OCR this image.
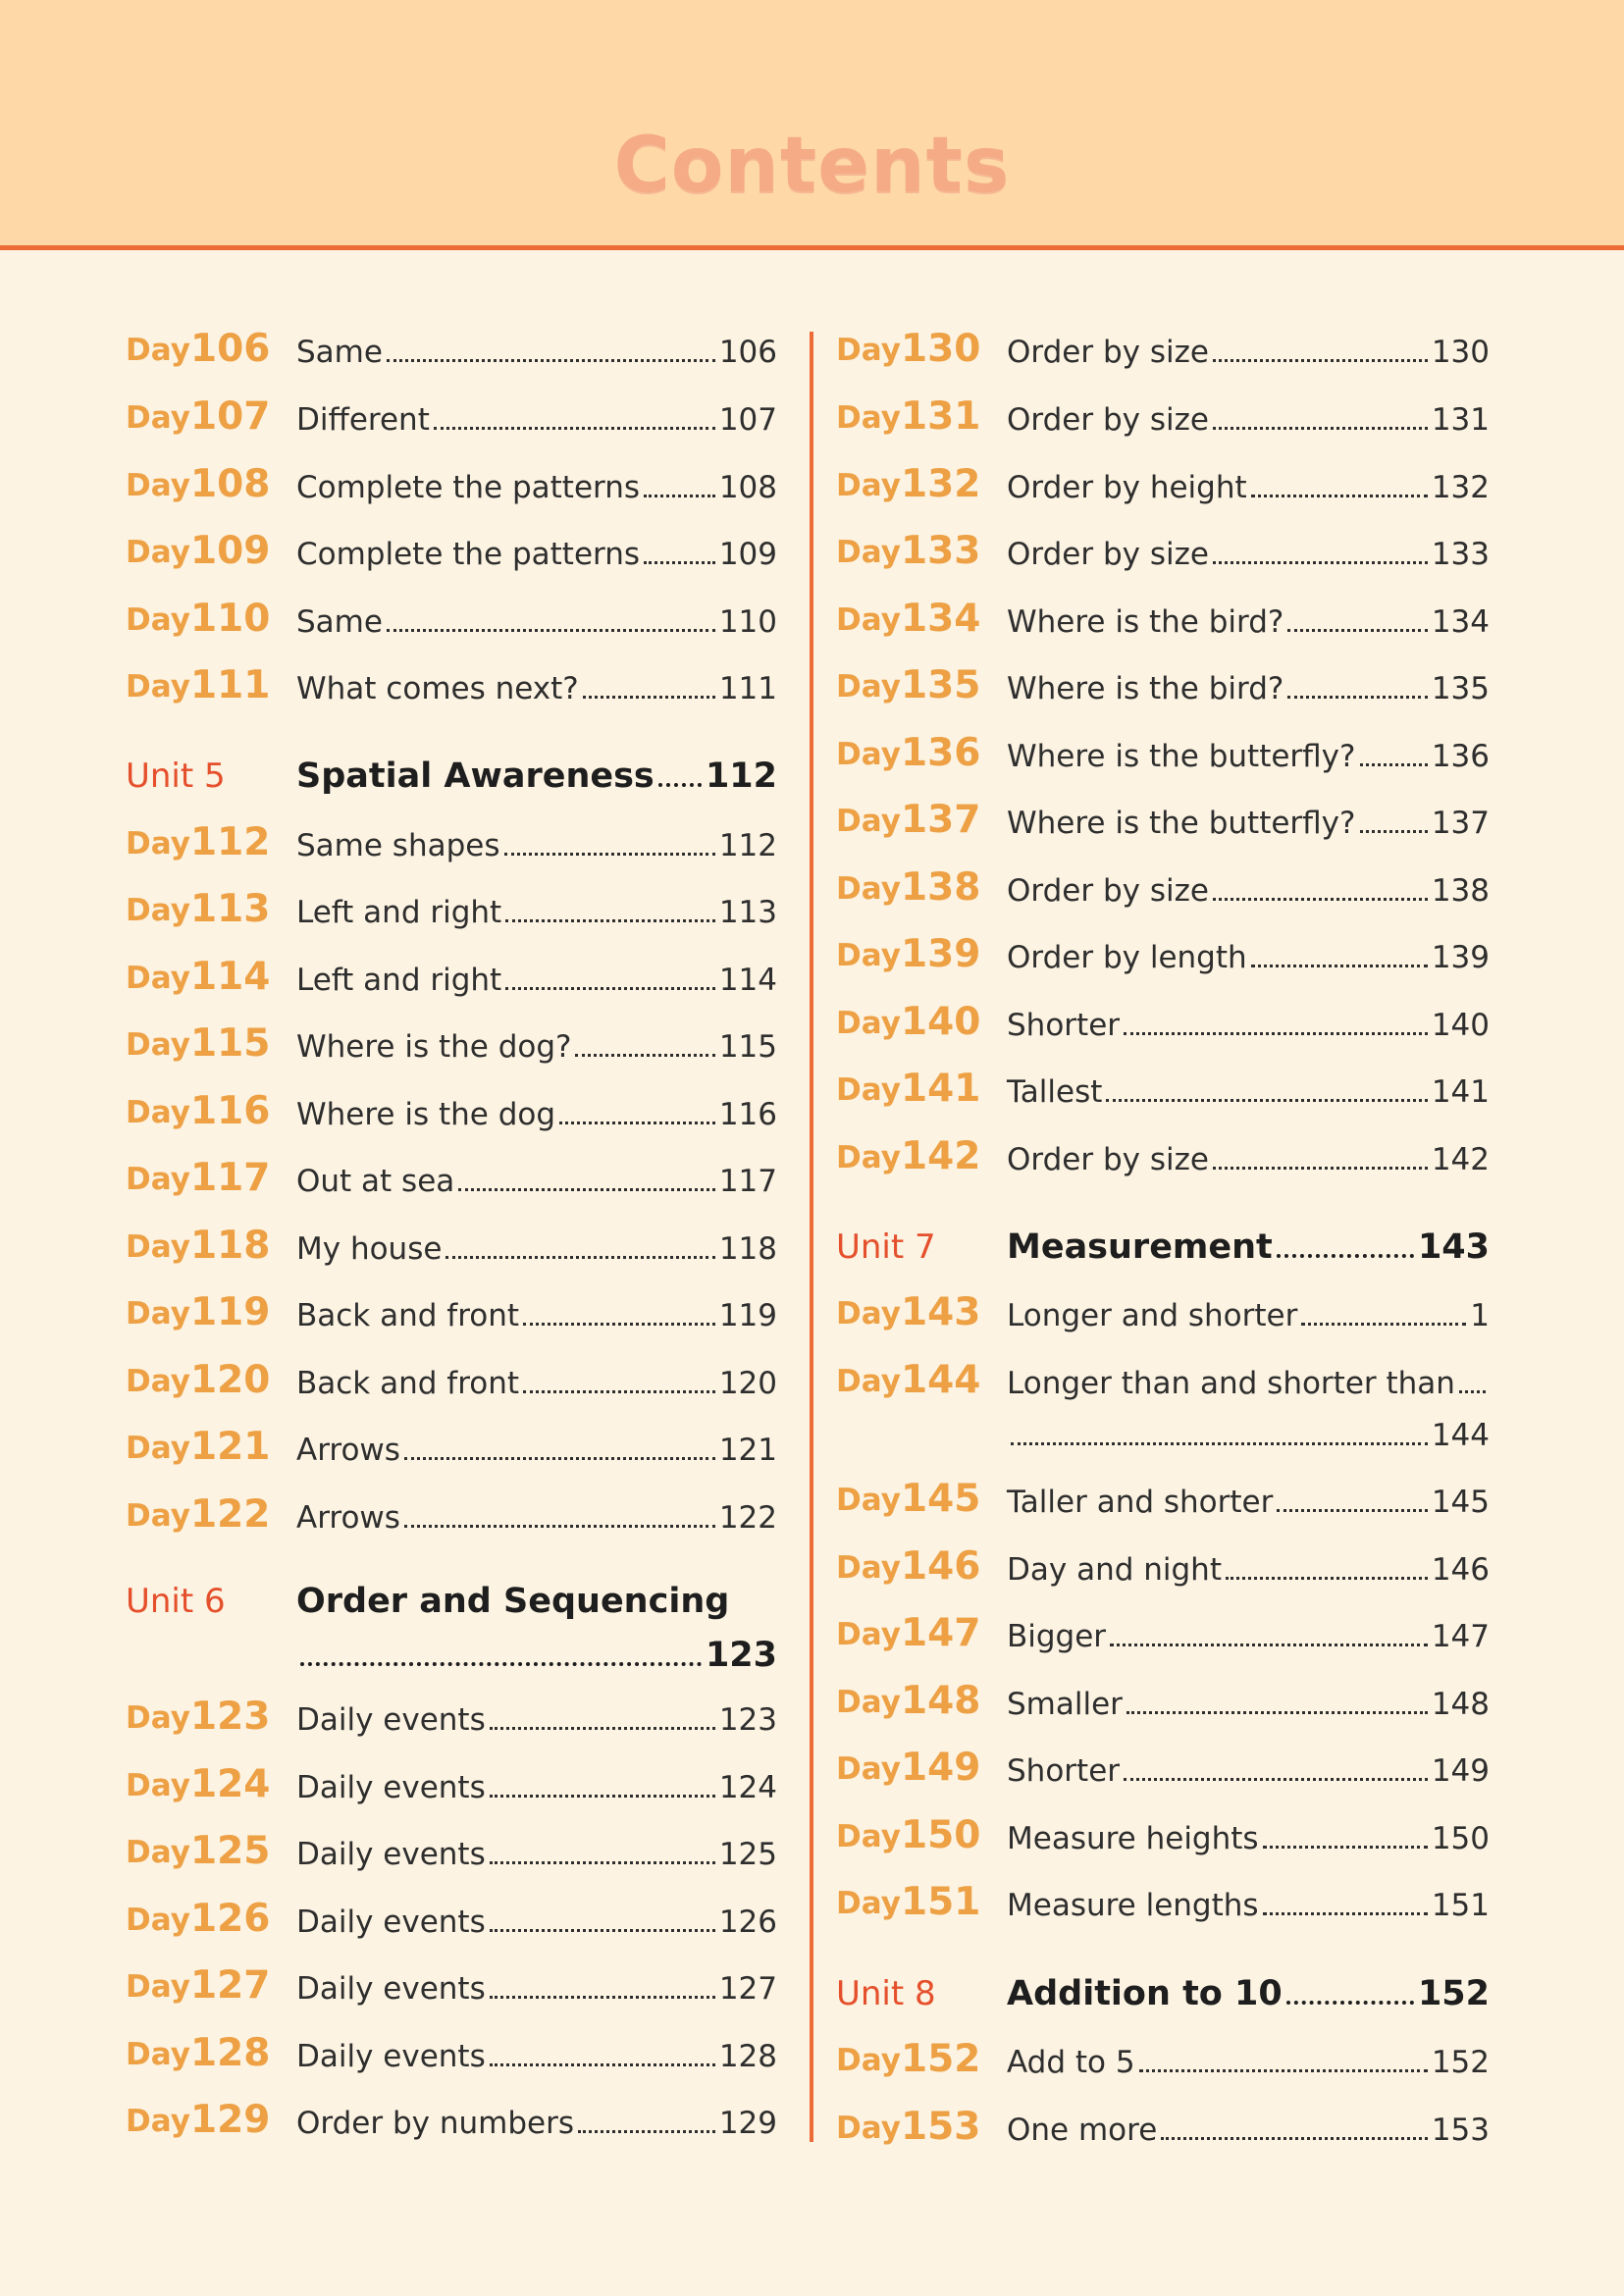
Contents
Day 106 Same	106
Day 107 Different	107
Day 108 Complete the patterns	108
Day 109 Complete the patterns	109
Day 110 Same	110
Day 111 What comes next?	111
Unit 5 Spatial Awareness 112
Day 112 Same shapes	112
Day 113 Left and right	113
Day 114 Left and right	114
Day 115 Where is the dog?	115
Day 116 Where is the dog	116
Day 117 Out at sea	117
Day 118 My house	118
Day 119 Back and front	119
Day 120 Back and front	120
Day 121 Arrows	121
Day 122 Arrows	122
Unit 6 Order and Sequencing
123
Day 123 Daily events	123
Day 124 Daily events	124
Day 125 Daily events	125
Day 126 Daily events	126
Day 127 Daily events	127
Day 128 Daily events	128
Day 129 Order by numbers	129
Day 130 Order by size	130
Day 131 Order by size	131
Day 132 Order by height	132
Day 133 Order by size	133
Day 134 Where is the bird?	134
Day 135 Where is the bird?	135
Day 136 Where is the butterfly? 136
Day 137 Where is the butterfly? 137
Day 138 Order by size	138
Day 139 Order by length	139
Day 140 Shorter	140
Day 141 Tallest	141
Day 142 Order by size	142
Unit 7 Measurement	143
Day 143 Longer and shorter	1
Day 144 Longer than and shorter than
144
Day 145 Taller and shorter	145
Day 146 Day and night	146
Day 147 Bigger	147
Day 148 Smaller	148
Day 149 Shorter	149
Day 150 Measure heights	150
Day 151 Measure lengths	151
Unit 8 Addition to 10	152
Day 152 Add to 5	152
Day 153 One more	153
